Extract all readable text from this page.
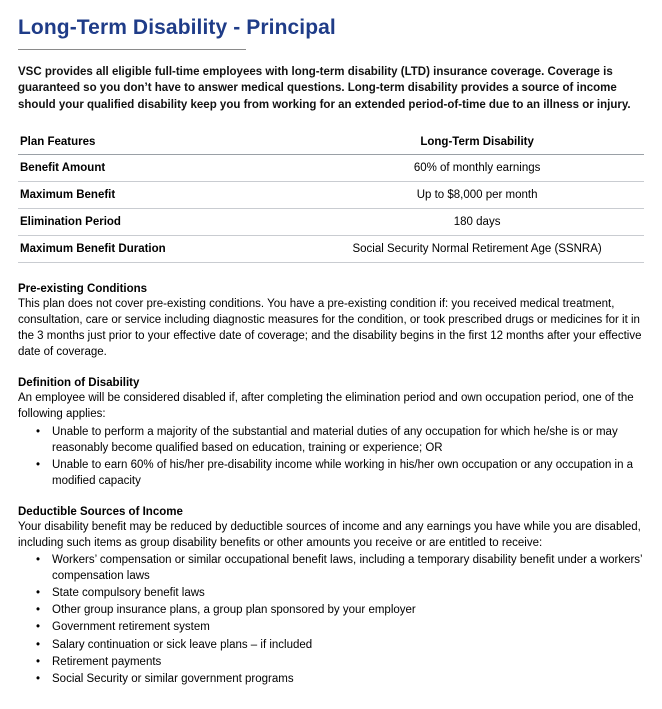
Long-Term Disability - Principal

VSC provides all eligible full-time employees with long-term disability (LTD) insurance coverage. Coverage is guaranteed so you don’t have to answer medical questions. Long-term disability provides a source of income should your qualified disability keep you from working for an extended period-of-time due to an illness or injury.

Plan Features	Long-Term Disability
Benefit Amount	60% of monthly earnings
Maximum Benefit	Up to $8,000 per month
Elimination Period	180 days
Maximum Benefit Duration	Social Security Normal Retirement Age (SSNRA)
Pre-existing Conditions

This plan does not cover pre-existing conditions. You have a pre-existing condition if: you received medical treatment, consultation, care or service including diagnostic measures for the condition, or took prescribed drugs or medicines for it in the 3 months just prior to your effective date of coverage; and the disability begins in the first 12 months after your effective date of coverage.

Definition of Disability

An employee will be considered disabled if, after completing the elimination period and own occupation period, one of the following applies:

• Unable to perform a majority of the substantial and material duties of any occupation for which he/she is or may reasonably become qualified based on education, training or experience; OR
• Unable to earn 60% of his/her pre-disability income while working in his/her own occupation or any occupation in a modified capacity
Deductible Sources of Income

Your disability benefit may be reduced by deductible sources of income and any earnings you have while you are disabled, including such items as group disability benefits or other amounts you receive or are entitled to receive:

• Workers’ compensation or similar occupational benefit laws, including a temporary disability benefit under a workers’ compensation laws
• State compulsory benefit laws
• Other group insurance plans, a group plan sponsored by your employer
• Government retirement system
• Salary continuation or sick leave plans – if included
• Retirement payments
• Social Security or similar government programs
